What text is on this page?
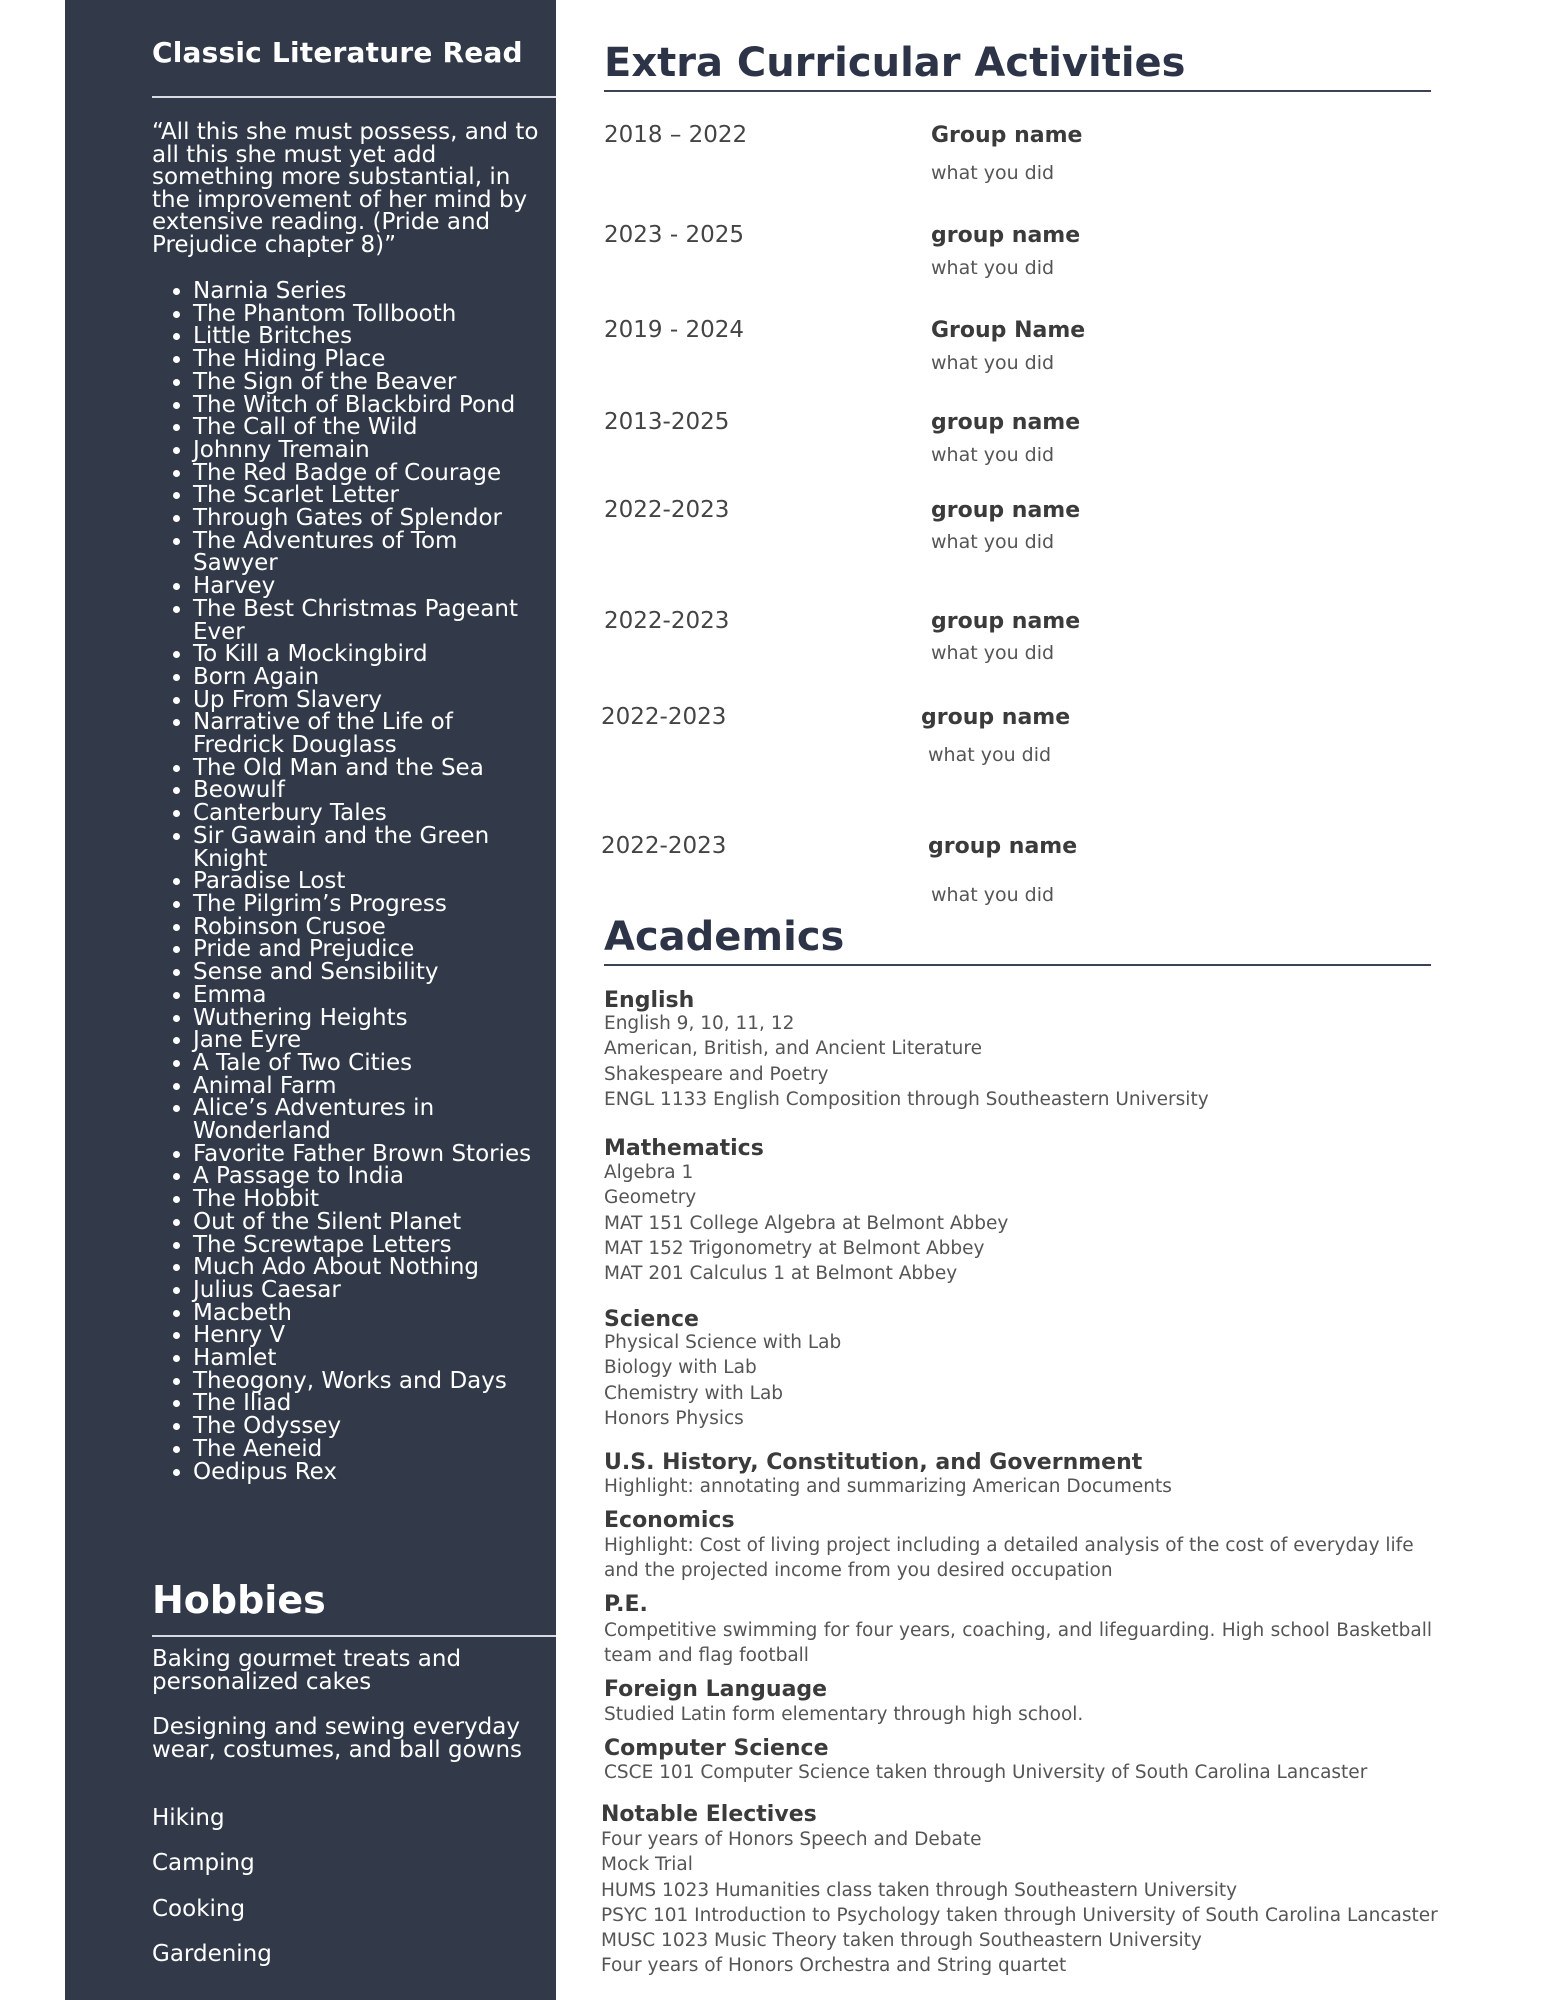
Classic Literature Read

“All this she must possess, and to all this she must yet add something more substantial, in the improvement of her mind by extensive reading. (Pride and Prejudice chapter 8)”

• Narnia Series
• The Phantom Tollbooth
• Little Britches
• The Hiding Place
• The Sign of the Beaver
• The Witch of Blackbird Pond
• The Call of the Wild
• Johnny Tremain
• The Red Badge of Courage
• The Scarlet Letter
• Through Gates of Splendor
• The Adventures of Tom Sawyer
• Harvey
• The Best Christmas Pageant Ever
• To Kill a Mockingbird
• Born Again
• Up From Slavery
• Narrative of the Life of Fredrick Douglass
• The Old Man and the Sea
• Beowulf
• Canterbury Tales
• Sir Gawain and the Green Knight
• Paradise Lost
• The Pilgrim’s Progress
• Robinson Crusoe
• Pride and Prejudice
• Sense and Sensibility
• Emma
• Wuthering Heights
• Jane Eyre
• A Tale of Two Cities
• Animal Farm
• Alice’s Adventures in Wonderland
• Favorite Father Brown Stories
• A Passage to India
• The Hobbit
• Out of the Silent Planet
• The Screwtape Letters
• Much Ado About Nothing
• Julius Caesar
• Macbeth
• Henry V
• Hamlet
• Theogony, Works and Days
• The Iliad
• The Odyssey
• The Aeneid
• Oedipus Rex
Hobbies

Baking gourmet treats and personalized cakes

Designing and sewing everyday wear, costumes, and ball gowns

Hiking

Camping

Cooking

Gardening

Extra Curricular Activities
2018 – 2022	Group name
what you did
2023 - 2025	group name
what you did
2019 - 2024	Group Name
what you did
2013-2025	group name
what you did
2022-2023	group name
what you did
2022-2023	group name
what you did
2022-2023	group name
what you did
2022-2023	group name
what you did
Academics
English
English 9, 10, 11, 12
American, British, and Ancient Literature
Shakespeare and Poetry
ENGL 1133 English Composition through Southeastern University
Mathematics
Algebra 1
Geometry
MAT 151 College Algebra at Belmont Abbey
MAT 152 Trigonometry at Belmont Abbey
MAT 201 Calculus 1 at Belmont Abbey
Science
Physical Science with Lab
Biology with Lab
Chemistry with Lab
Honors Physics
U.S. History, Constitution, and Government
Highlight: annotating and summarizing American Documents
Economics
Highlight: Cost of living project including a detailed analysis of the cost of everyday life and the projected income from you desired occupation
P.E.
Competitive swimming for four years, coaching, and lifeguarding. High school Basketball team and flag football
Foreign Language
Studied Latin form elementary through high school.
Computer Science
CSCE 101 Computer Science taken through University of South Carolina Lancaster
Notable Electives
Four years of Honors Speech and Debate
Mock Trial
HUMS 1023 Humanities class taken through Southeastern University
PSYC 101 Introduction to Psychology taken through University of South Carolina Lancaster
MUSC 1023 Music Theory taken through Southeastern University
Four years of Honors Orchestra and String quartet
